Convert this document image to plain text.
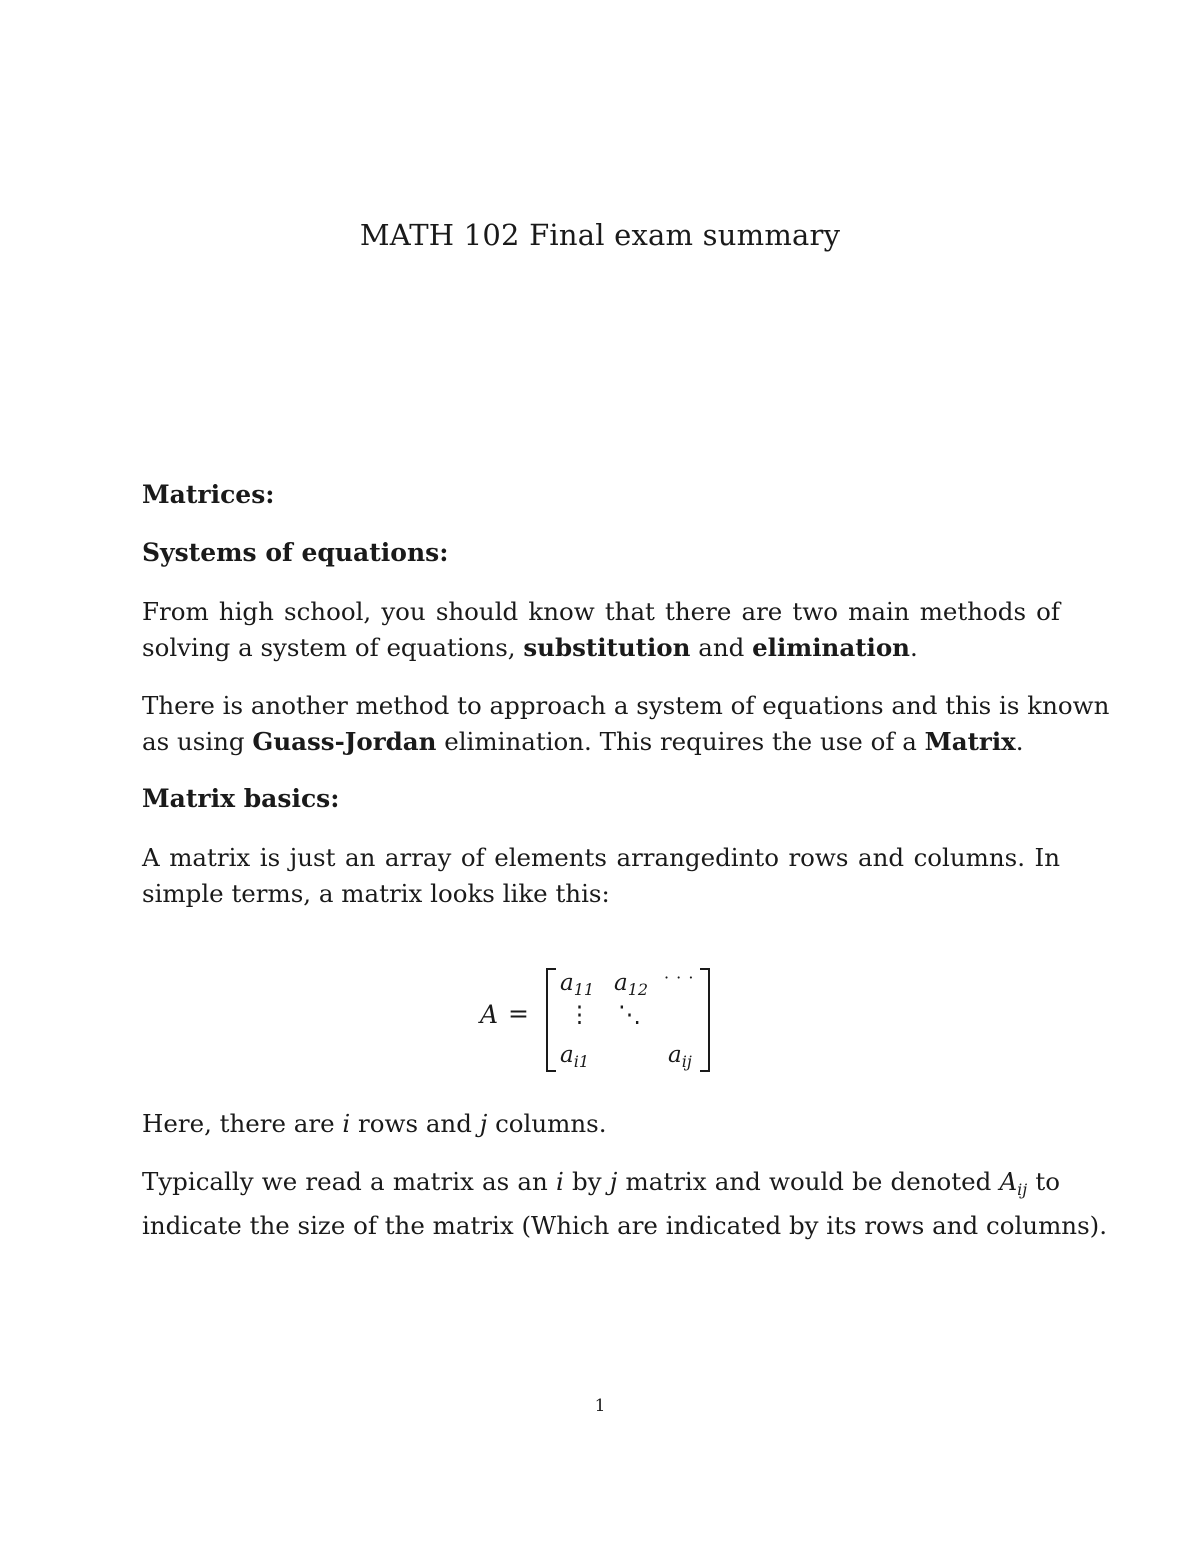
MATH 102 Final exam summary
Matrices:
Systems of equations:
From high school, you should know that there are two main methods of
solving a system of equations, substitution and elimination.
There is another method to approach a system of equations and this is known
as using Guass-Jordan elimination. This requires the use of a Matrix.
Matrix basics:
A matrix is just an array of elements arrangedinto rows and columns. In
simple terms, a matrix looks like this:
A =
$a_{11}$ $a_{12}$
· · ·
⋮ ⋱
$a_{i1}$	$a_{ij}$
Here, there are i rows and j columns.
Typically we read a matrix as an i by j matrix and would be denoted $A_{ij}$ to
indicate the size of the matrix (Which are indicated by its rows and columns).
1
